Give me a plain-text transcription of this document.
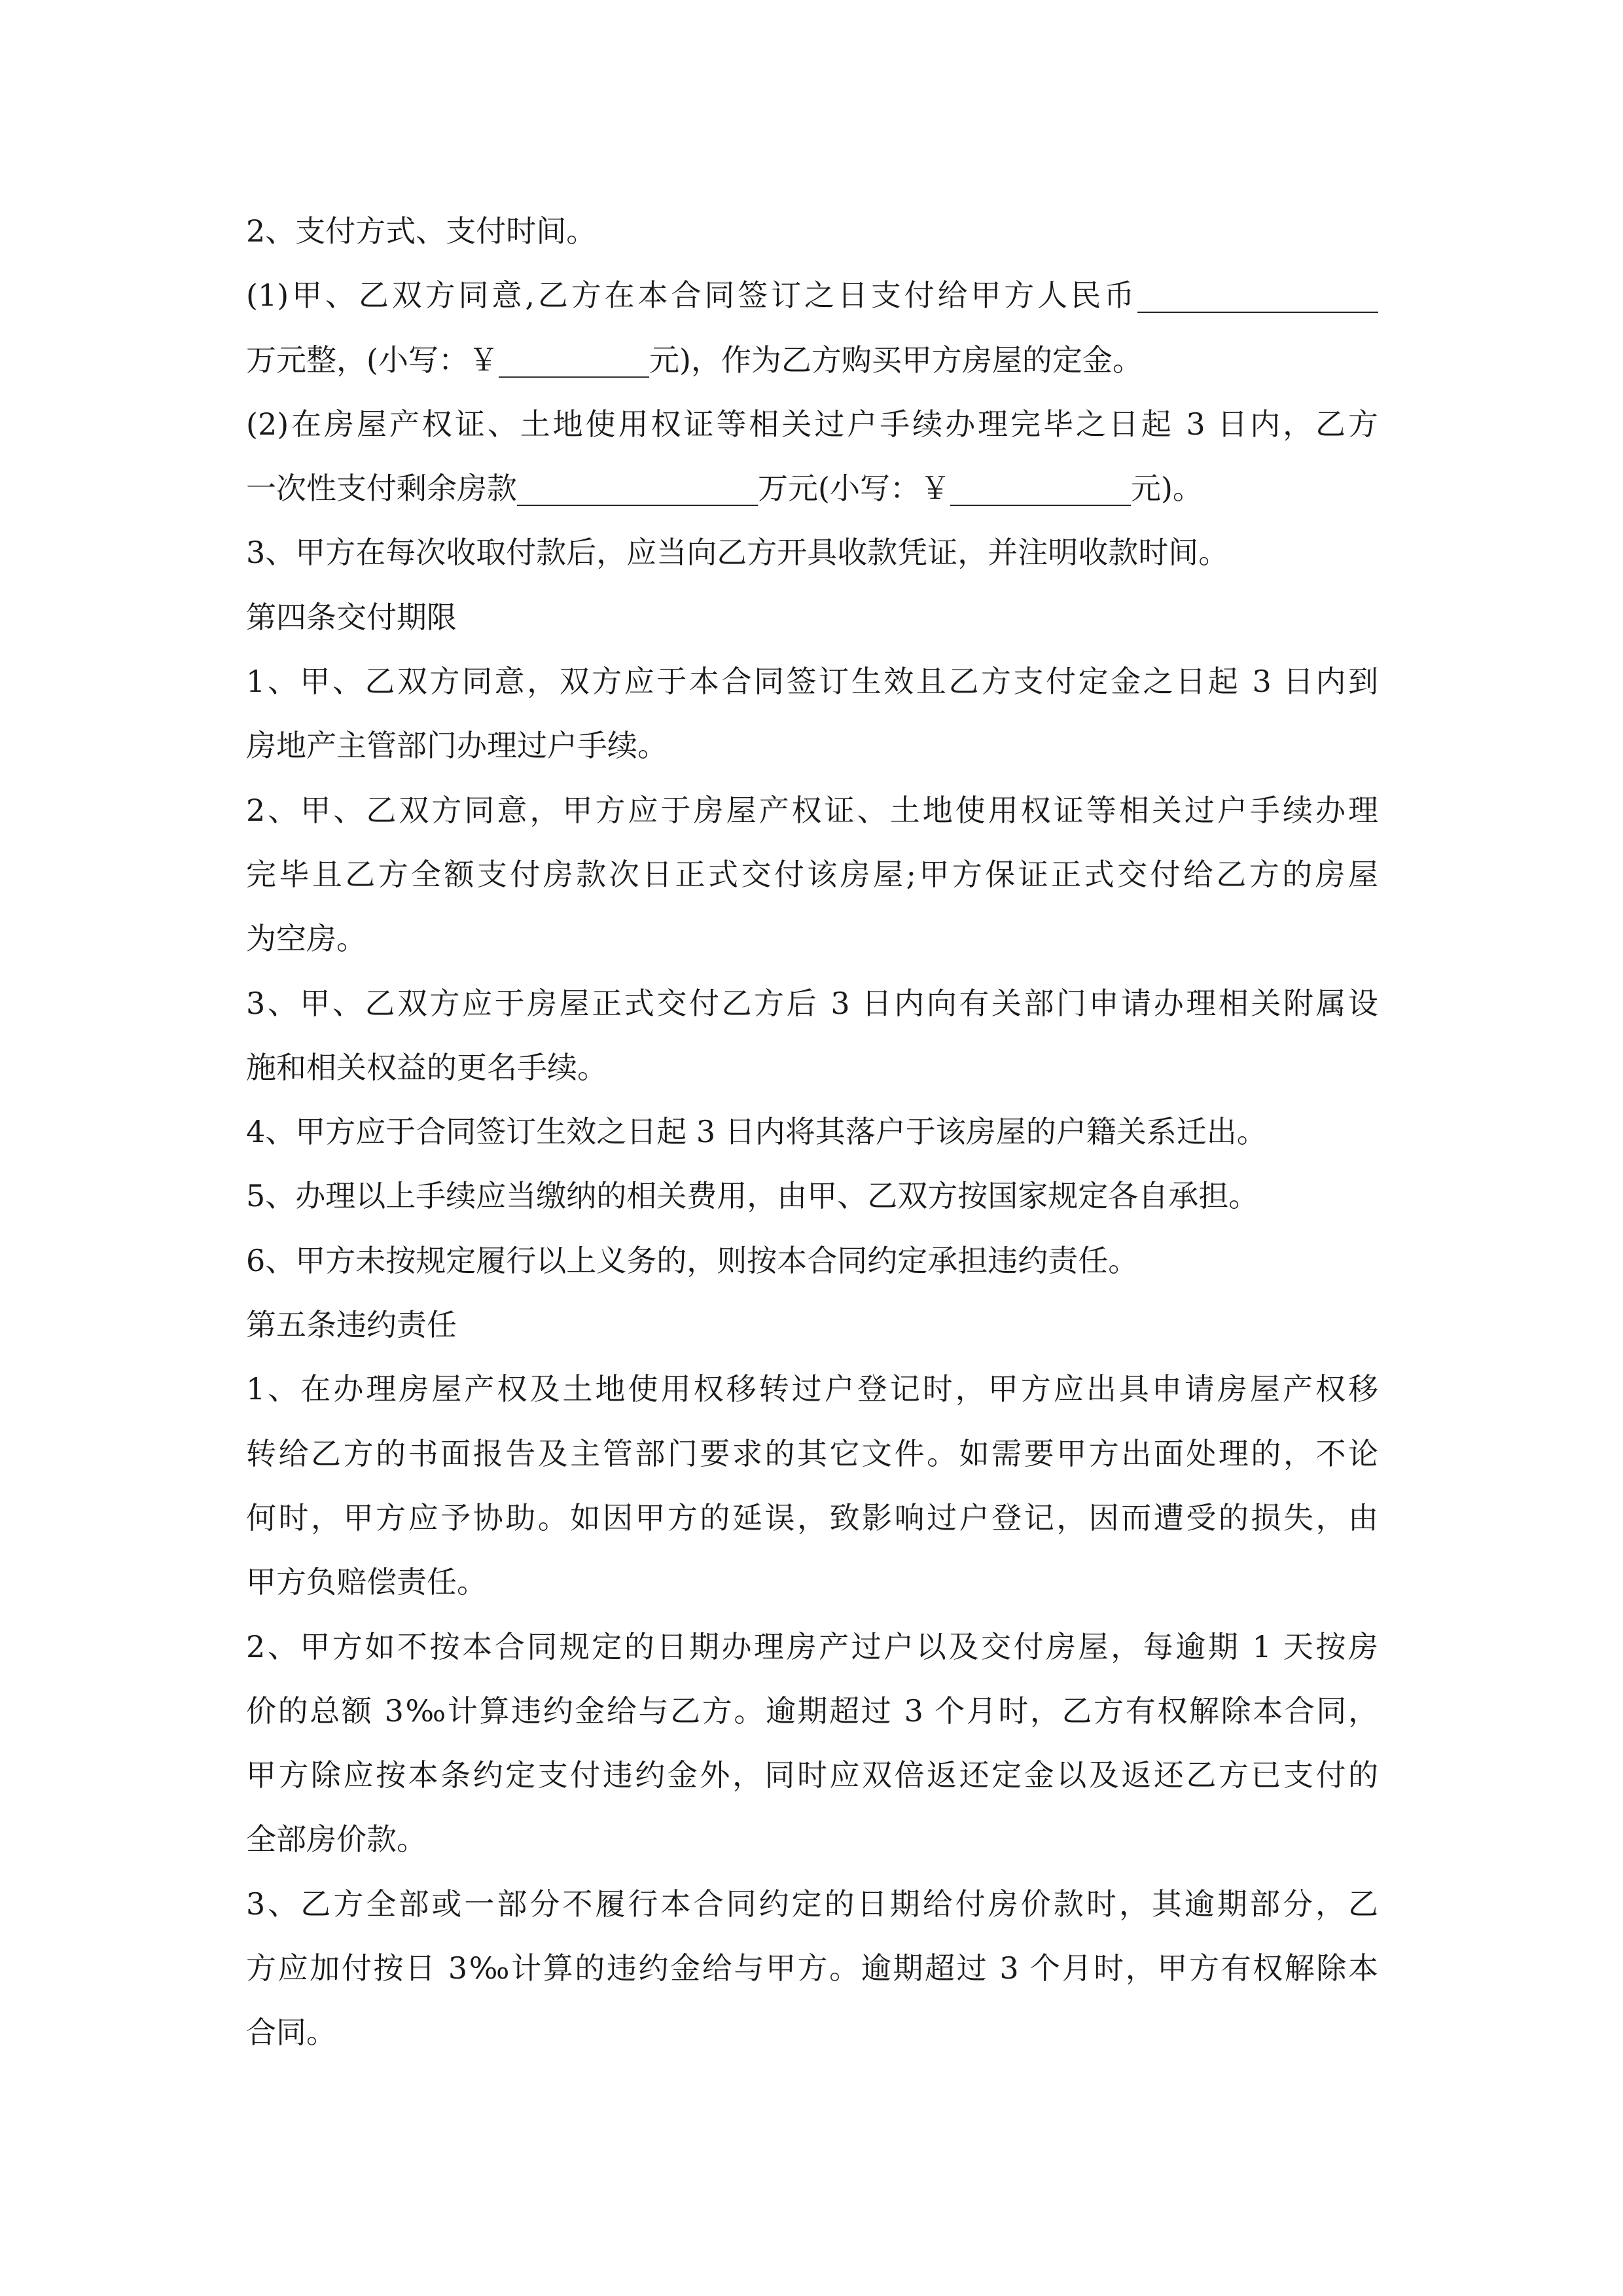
2、支付方式、支付时间。
(1)甲、乙双方同意,乙方在本合同签订之日支付给甲方人民币________________
万元整，(小写：￥__________元)，作为乙方购买甲方房屋的定金。
(2)在房屋产权证、土地使用权证等相关过户手续办理完毕之日起 3 日内，乙方
一次性支付剩余房款________________万元(小写：￥____________元)。
3、甲方在每次收取付款后，应当向乙方开具收款凭证，并注明收款时间。
第四条交付期限
1、甲、乙双方同意，双方应于本合同签订生效且乙方支付定金之日起 3 日内到
房地产主管部门办理过户手续。
2、甲、乙双方同意，甲方应于房屋产权证、土地使用权证等相关过户手续办理
完毕且乙方全额支付房款次日正式交付该房屋;甲方保证正式交付给乙方的房屋
为空房。
3、甲、乙双方应于房屋正式交付乙方后 3 日内向有关部门申请办理相关附属设
施和相关权益的更名手续。
4、甲方应于合同签订生效之日起 3 日内将其落户于该房屋的户籍关系迁出。
5、办理以上手续应当缴纳的相关费用，由甲、乙双方按国家规定各自承担。
6、甲方未按规定履行以上义务的，则按本合同约定承担违约责任。
第五条违约责任
1、在办理房屋产权及土地使用权移转过户登记时，甲方应出具申请房屋产权移
转给乙方的书面报告及主管部门要求的其它文件。如需要甲方出面处理的，不论
何时，甲方应予协助。如因甲方的延误，致影响过户登记，因而遭受的损失，由
甲方负赔偿责任。
2、甲方如不按本合同规定的日期办理房产过户以及交付房屋，每逾期 1 天按房
价的总额 3‰计算违约金给与乙方。逾期超过 3 个月时，乙方有权解除本合同，
甲方除应按本条约定支付违约金外，同时应双倍返还定金以及返还乙方已支付的
全部房价款。
3、乙方全部或一部分不履行本合同约定的日期给付房价款时，其逾期部分，乙
方应加付按日 3‰计算的违约金给与甲方。逾期超过 3 个月时，甲方有权解除本
合同。
